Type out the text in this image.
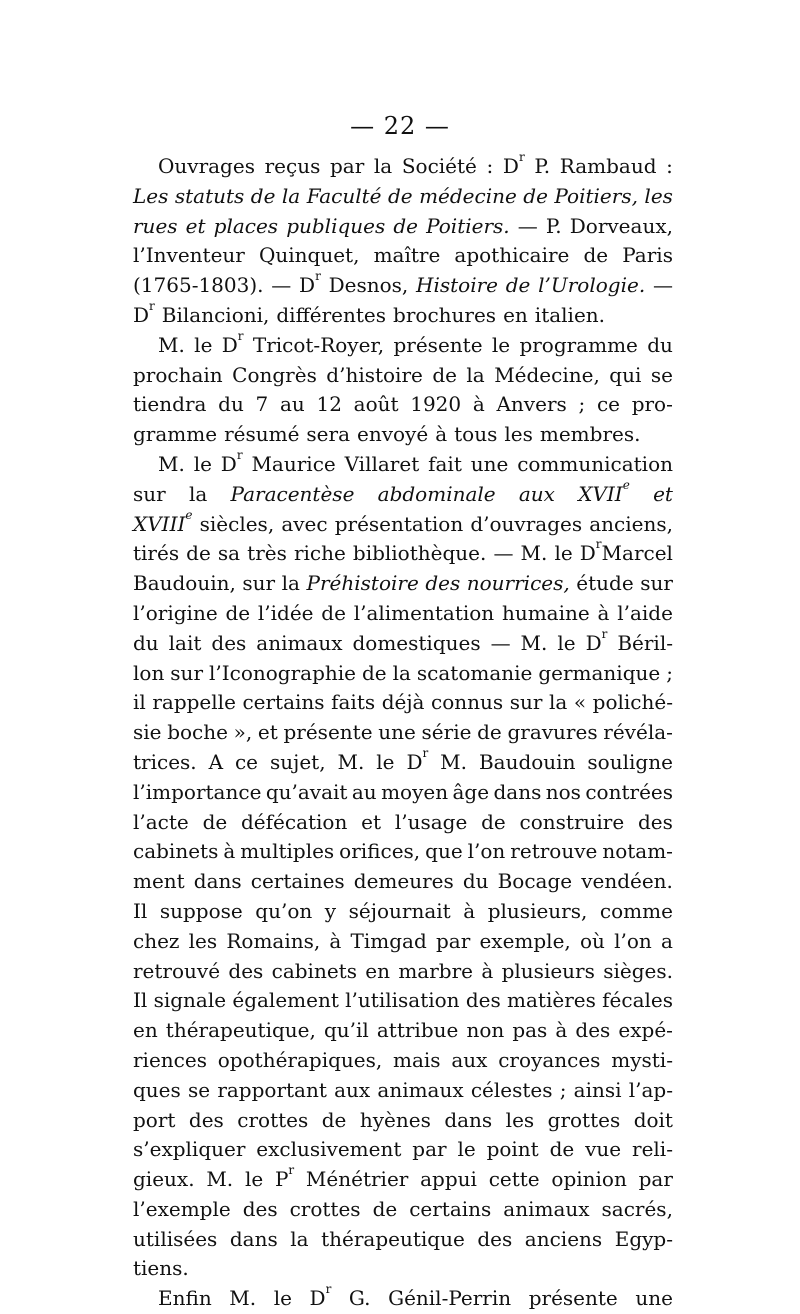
— 22 —
Ouvrages reçus par la Société : $D^r$ P. Rambaud :
Les statuts de la Faculté de médecine de Poitiers, les
rues et places publiques de Poitiers. — P. Dorveaux,
l’Inventeur Quinquet, maître apothicaire de Paris
(1765-1803). — $D^r$ Desnos, Histoire de l’Urologie. —
$D^r$ Bilancioni, différentes brochures en italien.
M. le $D^r$ Tricot-Royer, présente le programme du
prochain Congrès d’histoire de la Médecine, qui se
tiendra du 7 au 12 août 1920 à Anvers ; ce pro-
gramme résumé sera envoyé à tous les membres.
M. le $D^r$ Maurice Villaret fait une communication
sur la Paracentèse abdominale aux XVIIe et
XVIIIe siècles, avec présentation d’ouvrages anciens,
tirés de sa très riche bibliothèque. — M. le $D^rMarcel$
Baudouin, sur la Préhistoire des nourrices, étude sur
l’origine de l’idée de l’alimentation humaine à l’aide
du lait des animaux domestiques — M. le $D^r$ Béril-
lon sur l’Iconographie de la scatomanie germanique ;
il rappelle certains faits déjà connus sur la « poliché-
sie boche », et présente une série de gravures révéla-
trices. A ce sujet, M. le $D^r$ M. Baudouin souligne
l’importance qu’avait au moyen âge dans nos contrées
l’acte de défécation et l’usage de construire des
cabinets à multiples orifices, que l’on retrouve notam-
ment dans certaines demeures du Bocage vendéen.
Il suppose qu’on y séjournait à plusieurs, comme
chez les Romains, à Timgad par exemple, où l’on a
retrouvé des cabinets en marbre à plusieurs sièges.
Il signale également l’utilisation des matières fécales
en thérapeutique, qu’il attribue non pas à des expé-
riences opothérapiques, mais aux croyances mysti-
ques se rapportant aux animaux célestes ; ainsi l’ap-
port des crottes de hyènes dans les grottes doit
s’expliquer exclusivement par le point de vue reli-
gieux. M. le $P^r$ Ménétrier appui cette opinion par
l’exemple des crottes de certains animaux sacrés,
utilisées dans la thérapeutique des anciens Egyp-
tiens.
Enfin M. le $D^r$ G. Génil-Perrin présente une
